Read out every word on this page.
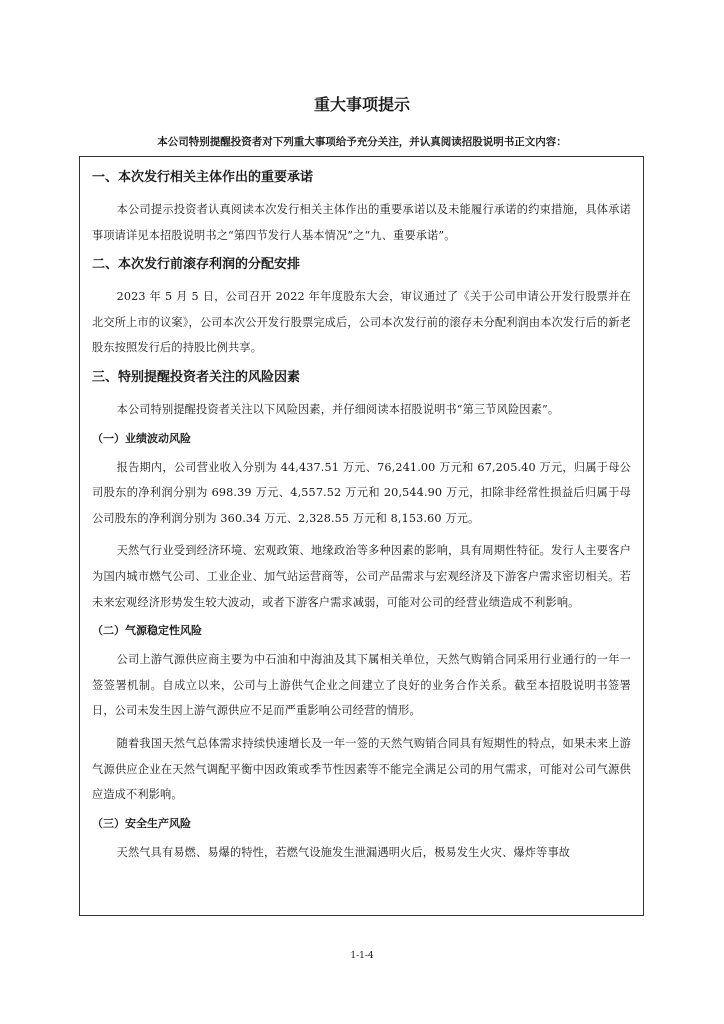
重大事项提示
本公司特别提醒投资者对下列重大事项给予充分关注，并认真阅读招股说明书正文内容：
一、本次发行相关主体作出的重要承诺

本公司提示投资者认真阅读本次发行相关主体作出的重要承诺以及未能履行承诺的约束措施，具体承诺事项请详见本招股说明书之“第四节发行人基本情况”之“九、重要承诺”。

二、本次发行前滚存利润的分配安排

2023 年 5 月 5 日，公司召开 2022 年年度股东大会，审议通过了《关于公司申请公开发行股票并在北交所上市的议案》，公司本次公开发行股票完成后，公司本次发行前的滚存未分配利润由本次发行后的新老股东按照发行后的持股比例共享。

三、特别提醒投资者关注的风险因素

本公司特别提醒投资者关注以下风险因素，并仔细阅读本招股说明书“第三节风险因素”。

（一）业绩波动风险

报告期内，公司营业收入分别为 44,437.51 万元、76,241.00 万元和 67,205.40 万元，归属于母公司股东的净利润分别为 698.39 万元、4,557.52 万元和 20,544.90 万元，扣除非经常性损益后归属于母公司股东的净利润分别为 360.34 万元、2,328.55 万元和 8,153.60 万元。

天然气行业受到经济环境、宏观政策、地缘政治等多种因素的影响，具有周期性特征。发行人主要客户为国内城市燃气公司、工业企业、加气站运营商等，公司产品需求与宏观经济及下游客户需求密切相关。若未来宏观经济形势发生较大波动，或者下游客户需求减弱，可能对公司的经营业绩造成不利影响。

（二）气源稳定性风险

公司上游气源供应商主要为中石油和中海油及其下属相关单位，天然气购销合同采用行业通行的一年一签签署机制。自成立以来，公司与上游供气企业之间建立了良好的业务合作关系。截至本招股说明书签署日，公司未发生因上游气源供应不足而严重影响公司经营的情形。

随着我国天然气总体需求持续快速增长及一年一签的天然气购销合同具有短期性的特点，如果未来上游气源供应企业在天然气调配平衡中因政策或季节性因素等不能完全满足公司的用气需求，可能对公司气源供应造成不利影响。

（三）安全生产风险

天然气具有易燃、易爆的特性，若燃气设施发生泄漏遇明火后，极易发生火灾、爆炸等事故

1-1-4
